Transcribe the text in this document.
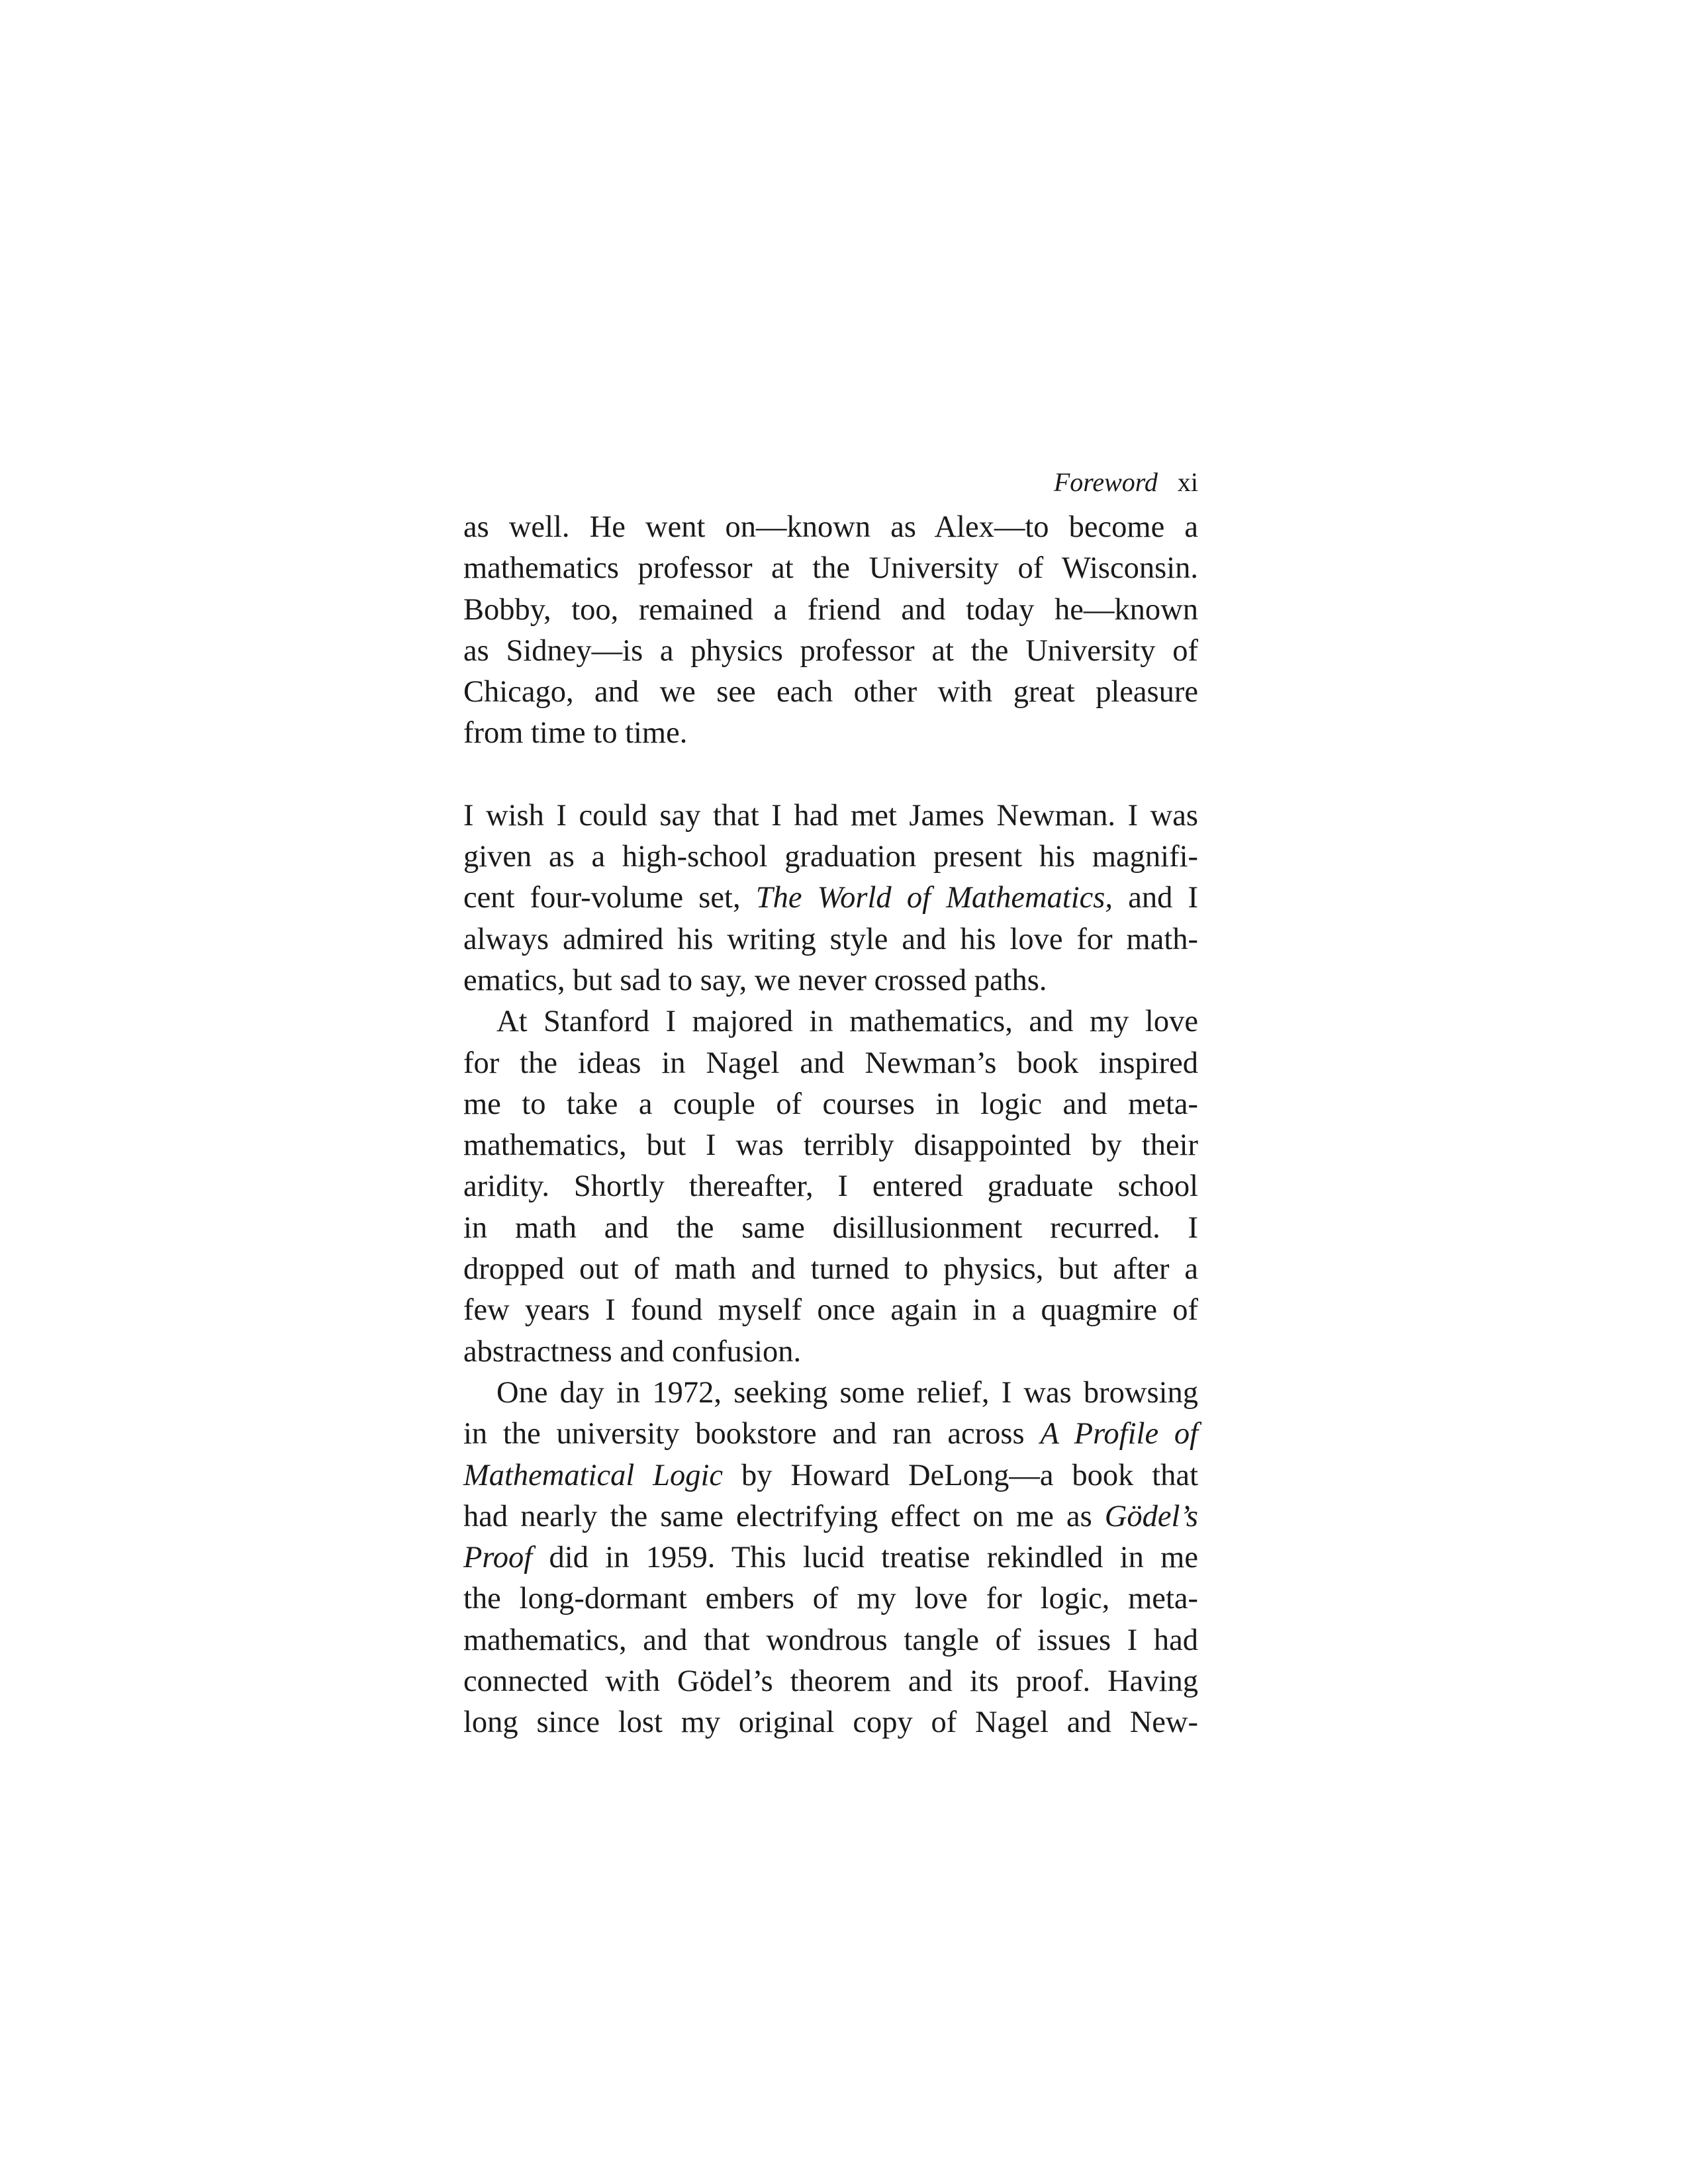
Foreword xi

as well. He went on—known as Alex—to become a
mathematics professor at the University of Wisconsin.
Bobby, too, remained a friend and today he—known
as Sidney—is a physics professor at the University of
Chicago, and we see each other with great pleasure
from time to time.

I wish I could say that I had met James Newman. I was
given as a high-school graduation present his magnifi-
cent four-volume set, The World of Mathematics, and I
always admired his writing style and his love for math-
ematics, but sad to say, we never crossed paths.

At Stanford I majored in mathematics, and my love
for the ideas in Nagel and Newman’s book inspired
me to take a couple of courses in logic and meta-
mathematics, but I was terribly disappointed by their
aridity. Shortly thereafter, I entered graduate school
in math and the same disillusionment recurred. I
dropped out of math and turned to physics, but after a
few years I found myself once again in a quagmire of
abstractness and confusion.

One day in 1972, seeking some relief, I was browsing
in the university bookstore and ran across A Profile of
Mathematical Logic by Howard DeLong—a book that
had nearly the same electrifying effect on me as Gödel’s
Proof did in 1959. This lucid treatise rekindled in me
the long-dormant embers of my love for logic, meta-
mathematics, and that wondrous tangle of issues I had
connected with Gödel’s theorem and its proof. Having
long since lost my original copy of Nagel and New-
